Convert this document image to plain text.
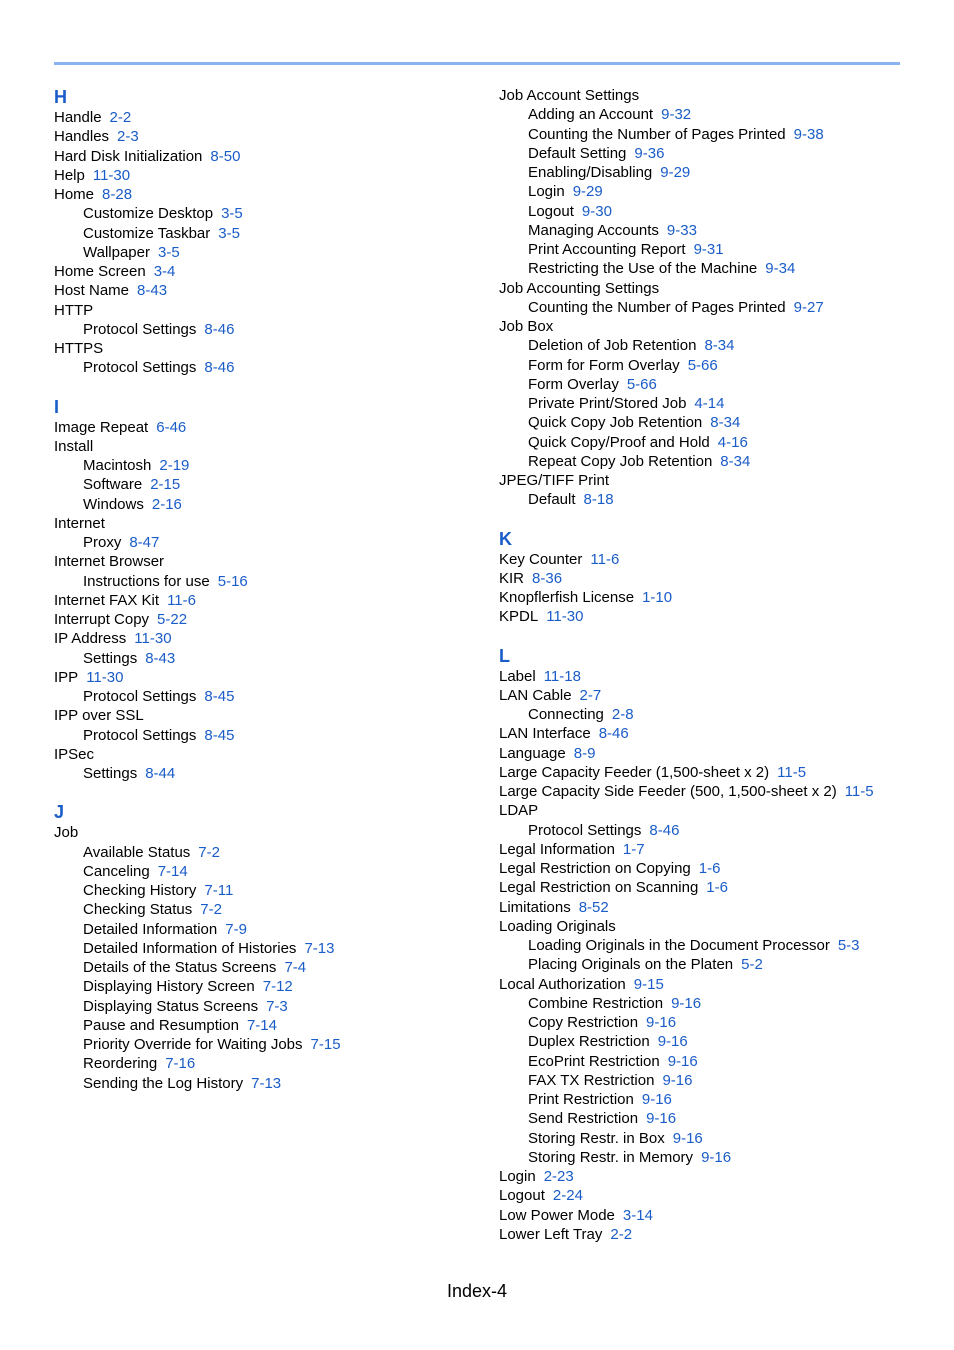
H
Handle 2-2
Handles 2-3
Hard Disk Initialization 8-50
Help 11-30
Home 8-28
Customize Desktop 3-5
Customize Taskbar 3-5
Wallpaper 3-5
Home Screen 3-4
Host Name 8-43
HTTP
Protocol Settings 8-46
HTTPS
Protocol Settings 8-46
I
Image Repeat 6-46
Install
Macintosh 2-19
Software 2-15
Windows 2-16
Internet
Proxy 8-47
Internet Browser
Instructions for use 5-16
Internet FAX Kit 11-6
Interrupt Copy 5-22
IP Address 11-30
Settings 8-43
IPP 11-30
Protocol Settings 8-45
IPP over SSL
Protocol Settings 8-45
IPSec
Settings 8-44
J
Job
Available Status 7-2
Canceling 7-14
Checking History 7-11
Checking Status 7-2
Detailed Information 7-9
Detailed Information of Histories 7-13
Details of the Status Screens 7-4
Displaying History Screen 7-12
Displaying Status Screens 7-3
Pause and Resumption 7-14
Priority Override for Waiting Jobs 7-15
Reordering 7-16
Sending the Log History 7-13
Job Account Settings
Adding an Account 9-32
Counting the Number of Pages Printed 9-38
Default Setting 9-36
Enabling/Disabling 9-29
Login 9-29
Logout 9-30
Managing Accounts 9-33
Print Accounting Report 9-31
Restricting the Use of the Machine 9-34
Job Accounting Settings
Counting the Number of Pages Printed 9-27
Job Box
Deletion of Job Retention 8-34
Form for Form Overlay 5-66
Form Overlay 5-66
Private Print/Stored Job 4-14
Quick Copy Job Retention 8-34
Quick Copy/Proof and Hold 4-16
Repeat Copy Job Retention 8-34
JPEG/TIFF Print
Default 8-18
K
Key Counter 11-6
KIR 8-36
Knopflerfish License 1-10
KPDL 11-30
L
Label 11-18
LAN Cable 2-7
Connecting 2-8
LAN Interface 8-46
Language 8-9
Large Capacity Feeder (1,500-sheet x 2) 11-5
Large Capacity Side Feeder (500, 1,500-sheet x 2) 11-5
LDAP
Protocol Settings 8-46
Legal Information 1-7
Legal Restriction on Copying 1-6
Legal Restriction on Scanning 1-6
Limitations 8-52
Loading Originals
Loading Originals in the Document Processor 5-3
Placing Originals on the Platen 5-2
Local Authorization 9-15
Combine Restriction 9-16
Copy Restriction 9-16
Duplex Restriction 9-16
EcoPrint Restriction 9-16
FAX TX Restriction 9-16
Print Restriction 9-16
Send Restriction 9-16
Storing Restr. in Box 9-16
Storing Restr. in Memory 9-16
Login 2-23
Logout 2-24
Low Power Mode 3-14
Lower Left Tray 2-2
Index-4
